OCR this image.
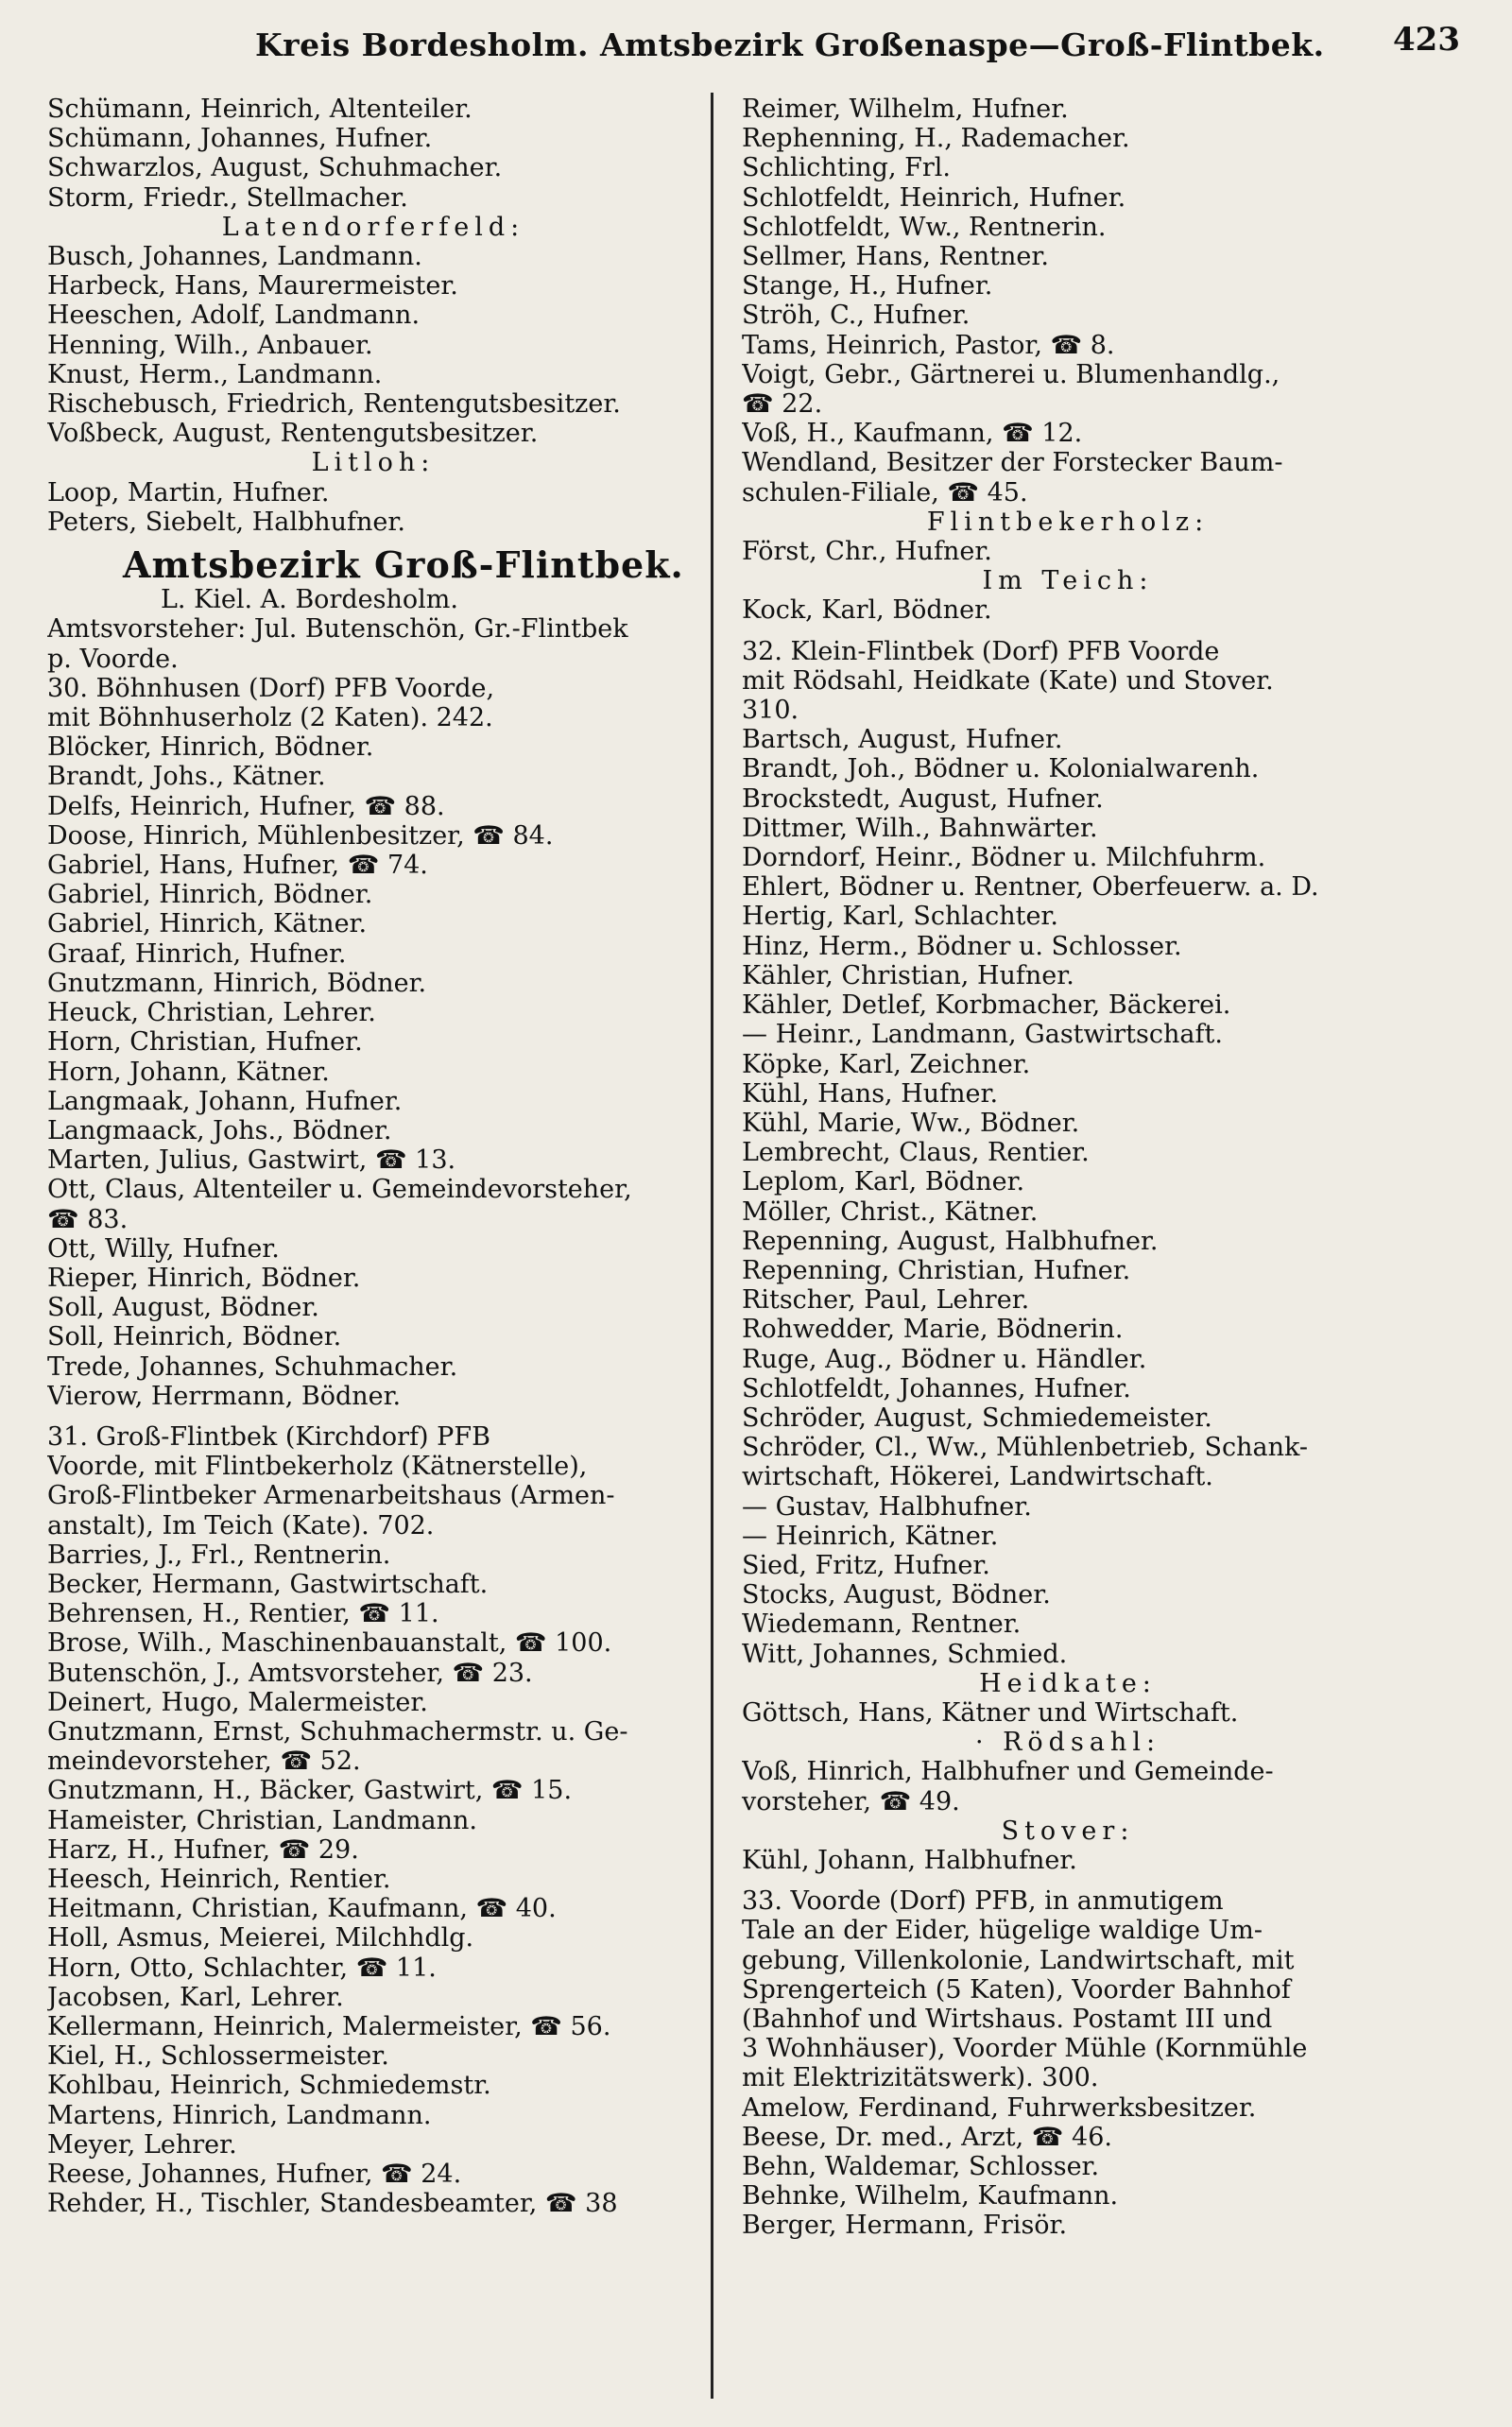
Kreis Bordesholm. Amtsbezirk Großenaspe—Groß-Flintbek. 423
Schümann, Heinrich, Altenteiler.
Schümann, Johannes, Hufner.
Schwarzlos, August, Schuhmacher.
Storm, Friedr., Stellmacher.
Latendorferfeld:
Busch, Johannes, Landmann.
Harbeck, Hans, Maurermeister.
Heeschen, Adolf, Landmann.
Henning, Wilh., Anbauer.
Knust, Herm., Landmann.
Rischebusch, Friedrich, Rentengutsbesitzer.
Voßbeck, August, Rentengutsbesitzer.
Litloh:
Loop, Martin, Hufner.
Peters, Siebelt, Halbhufner.
Amtsbezirk Groß-Flintbek.
L. Kiel. A. Bordesholm.
Amtsvorsteher: Jul. Butenschön, Gr.-Flintbek
p. Voorde.
30. Böhnhusen (Dorf) PFB Voorde,
mit Böhnhuserholz (2 Katen). 242.
Blöcker, Hinrich, Bödner.
Brandt, Johs., Kätner.
Delfs, Heinrich, Hufner, ☎ 88.
Doose, Hinrich, Mühlenbesitzer, ☎ 84.
Gabriel, Hans, Hufner, ☎ 74.
Gabriel, Hinrich, Bödner.
Gabriel, Hinrich, Kätner.
Graaf, Hinrich, Hufner.
Gnutzmann, Hinrich, Bödner.
Heuck, Christian, Lehrer.
Horn, Christian, Hufner.
Horn, Johann, Kätner.
Langmaak, Johann, Hufner.
Langmaack, Johs., Bödner.
Marten, Julius, Gastwirt, ☎ 13.
Ott, Claus, Altenteiler u. Gemeindevorsteher,
☎ 83.
Ott, Willy, Hufner.
Rieper, Hinrich, Bödner.
Soll, August, Bödner.
Soll, Heinrich, Bödner.
Trede, Johannes, Schuhmacher.
Vierow, Herrmann, Bödner.
31. Groß-Flintbek (Kirchdorf) PFB
Voorde, mit Flintbekerholz (Kätnerstelle),
Groß-Flintbeker Armenarbeitshaus (Armen-
anstalt), Im Teich (Kate). 702.
Barries, J., Frl., Rentnerin.
Becker, Hermann, Gastwirtschaft.
Behrensen, H., Rentier, ☎ 11.
Brose, Wilh., Maschinenbauanstalt, ☎ 100.
Butenschön, J., Amtsvorsteher, ☎ 23.
Deinert, Hugo, Malermeister.
Gnutzmann, Ernst, Schuhmachermstr. u. Ge-
meindevorsteher, ☎ 52.
Gnutzmann, H., Bäcker, Gastwirt, ☎ 15.
Hameister, Christian, Landmann.
Harz, H., Hufner, ☎ 29.
Heesch, Heinrich, Rentier.
Heitmann, Christian, Kaufmann, ☎ 40.
Holl, Asmus, Meierei, Milchhdlg.
Horn, Otto, Schlachter, ☎ 11.
Jacobsen, Karl, Lehrer.
Kellermann, Heinrich, Malermeister, ☎ 56.
Kiel, H., Schlossermeister.
Kohlbau, Heinrich, Schmiedemstr.
Martens, Hinrich, Landmann.
Meyer, Lehrer.
Reese, Johannes, Hufner, ☎ 24.
Rehder, H., Tischler, Standesbeamter, ☎ 38
Reimer, Wilhelm, Hufner.
Rephenning, H., Rademacher.
Schlichting, Frl.
Schlotfeldt, Heinrich, Hufner.
Schlotfeldt, Ww., Rentnerin.
Sellmer, Hans, Rentner.
Stange, H., Hufner.
Ströh, C., Hufner.
Tams, Heinrich, Pastor, ☎ 8.
Voigt, Gebr., Gärtnerei u. Blumenhandlg.,
☎ 22.
Voß, H., Kaufmann, ☎ 12.
Wendland, Besitzer der Forstecker Baum-
schulen-Filiale, ☎ 45.
Flintbekerholz:
Först, Chr., Hufner.
Im Teich:
Kock, Karl, Bödner.
32. Klein-Flintbek (Dorf) PFB Voorde
mit Rödsahl, Heidkate (Kate) und Stover.
310.
Bartsch, August, Hufner.
Brandt, Joh., Bödner u. Kolonialwarenh.
Brockstedt, August, Hufner.
Dittmer, Wilh., Bahnwärter.
Dorndorf, Heinr., Bödner u. Milchfuhrm.
Ehlert, Bödner u. Rentner, Oberfeuerw. a. D.
Hertig, Karl, Schlachter.
Hinz, Herm., Bödner u. Schlosser.
Kähler, Christian, Hufner.
Kähler, Detlef, Korbmacher, Bäckerei.
— Heinr., Landmann, Gastwirtschaft.
Köpke, Karl, Zeichner.
Kühl, Hans, Hufner.
Kühl, Marie, Ww., Bödner.
Lembrecht, Claus, Rentier.
Leplom, Karl, Bödner.
Möller, Christ., Kätner.
Repenning, August, Halbhufner.
Repenning, Christian, Hufner.
Ritscher, Paul, Lehrer.
Rohwedder, Marie, Bödnerin.
Ruge, Aug., Bödner u. Händler.
Schlotfeldt, Johannes, Hufner.
Schröder, August, Schmiedemeister.
Schröder, Cl., Ww., Mühlenbetrieb, Schank-
wirtschaft, Hökerei, Landwirtschaft.
— Gustav, Halbhufner.
— Heinrich, Kätner.
Sied, Fritz, Hufner.
Stocks, August, Bödner.
Wiedemann, Rentner.
Witt, Johannes, Schmied.
Heidkate:
Göttsch, Hans, Kätner und Wirtschaft.
· Rödsahl:
Voß, Hinrich, Halbhufner und Gemeinde-
vorsteher, ☎ 49.
Stover:
Kühl, Johann, Halbhufner.
33. Voorde (Dorf) PFB, in anmutigem
Tale an der Eider, hügelige waldige Um-
gebung, Villenkolonie, Landwirtschaft, mit
Sprengerteich (5 Katen), Voorder Bahnhof
(Bahnhof und Wirtshaus. Postamt III und
3 Wohnhäuser), Voorder Mühle (Kornmühle
mit Elektrizitätswerk). 300.
Amelow, Ferdinand, Fuhrwerksbesitzer.
Beese, Dr. med., Arzt, ☎ 46.
Behn, Waldemar, Schlosser.
Behnke, Wilhelm, Kaufmann.
Berger, Hermann, Frisör.
